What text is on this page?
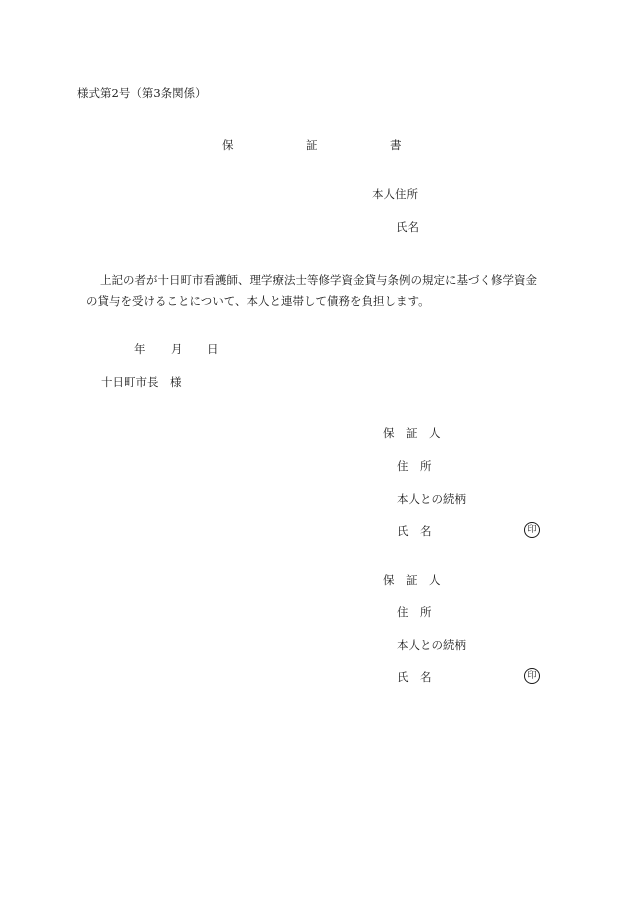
様式第2号（第3条関係）
保	証	書
本人住所
氏名
上記の者が十日町市看護師、理学療法士等修学資金貸与条例の規定に基づく修学資金
の貸与を受けることについて、本人と連帯して債務を負担します。
年 月 日
十日町市長　様
保　証　人
住　所
本人との続柄
氏　名	印
保　証　人
住　所
本人との続柄
氏　名	印
